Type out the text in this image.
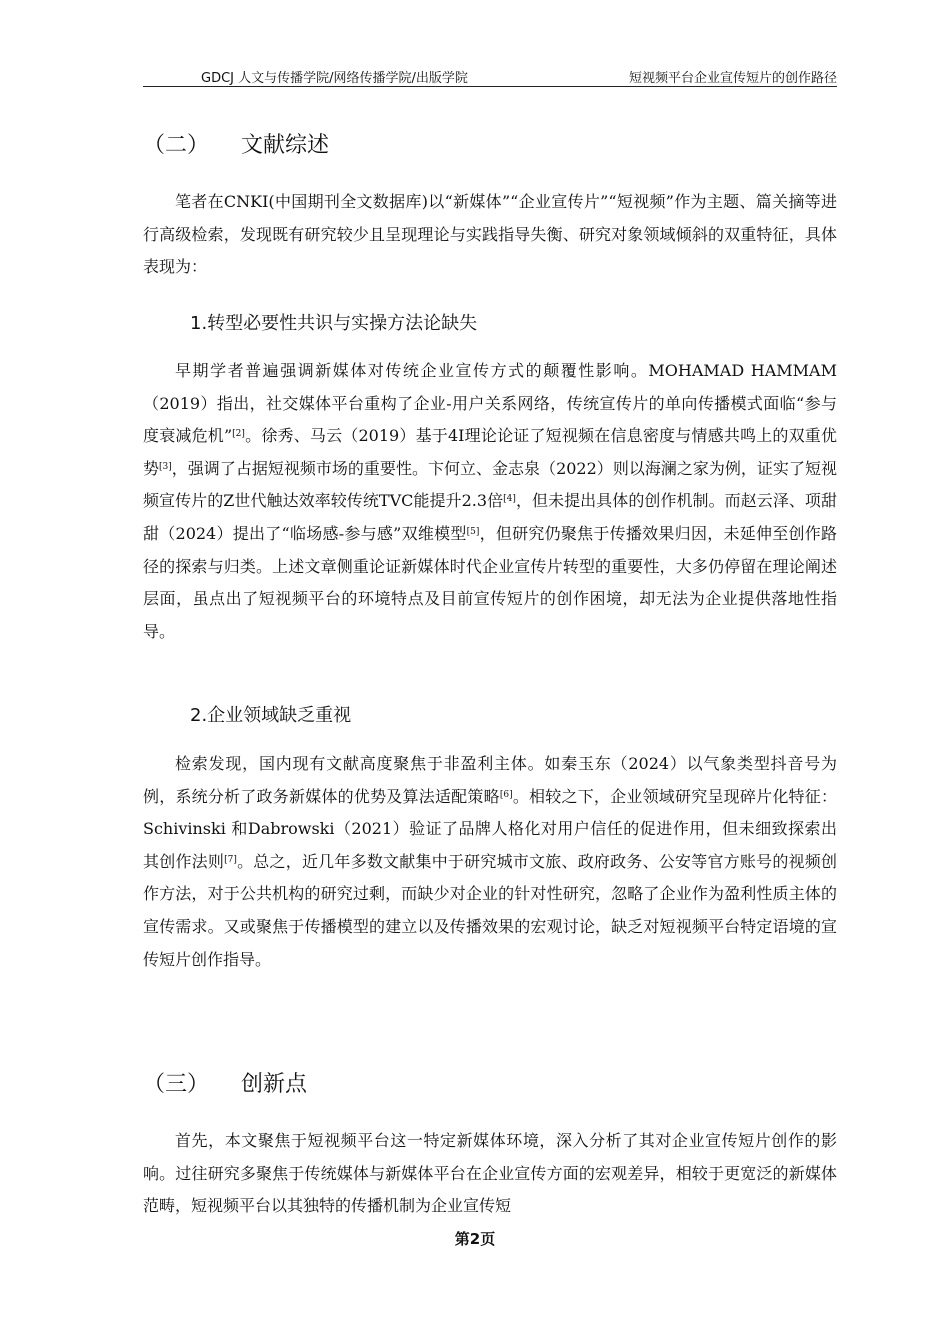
GDCJ 人文与传播学院/网络传播学院/出版学院	短视频平台企业宣传短片的创作路径
（二） 文献综述

笔者在CNKI(中国期刊全文数据库)以“新媒体”“企业宣传片”“短视频”作为主题、篇关摘等进行高级检索，发现既有研究较少且呈现理论与实践指导失衡、研究对象领域倾斜的双重特征，具体表现为：

1.转型必要性共识与实操方法论缺失

早期学者普遍强调新媒体对传统企业宣传方式的颠覆性影响。MOHAMAD HAMMAM（2019）指出，社交媒体平台重构了企业-用户关系网络，传统宣传片的单向传播模式面临“参与度衰减危机”[2]。徐秀、马云（2019）基于4I理论论证了短视频在信息密度与情感共鸣上的双重优势[3]，强调了占据短视频市场的重要性。卞何立、金志泉（2022）则以海澜之家为例，证实了短视频宣传片的Z世代触达效率较传统TVC能提升2.3倍[4]，但未提出具体的创作机制。而赵云泽、项甜甜（2024）提出了“临场感-参与感”双维模型[5]，但研究仍聚焦于传播效果归因，未延伸至创作路径的探索与归类。上述文章侧重论证新媒体时代企业宣传片转型的重要性，大多仍停留在理论阐述层面，虽点出了短视频平台的环境特点及目前宣传短片的创作困境，却无法为企业提供落地性指导。

2.企业领域缺乏重视

检索发现，国内现有文献高度聚焦于非盈利主体。如秦玉东（2024）以气象类型抖音号为例，系统分析了政务新媒体的优势及算法适配策略[6]。相较之下，企业领域研究呈现碎片化特征：Schivinski 和Dabrowski（2021）验证了品牌人格化对用户信任的促进作用，但未细致探索出其创作法则[7]。总之，近几年多数文献集中于研究城市文旅、政府政务、公安等官方账号的视频创作方法，对于公共机构的研究过剩，而缺少对企业的针对性研究，忽略了企业作为盈利性质主体的宣传需求。又或聚焦于传播模型的建立以及传播效果的宏观讨论，缺乏对短视频平台特定语境的宣传短片创作指导。

（三） 创新点

首先，本文聚焦于短视频平台这一特定新媒体环境，深入分析了其对企业宣传短片创作的影响。过往研究多聚焦于传统媒体与新媒体平台在企业宣传方面的宏观差异，相较于更宽泛的新媒体范畴，短视频平台以其独特的传播机制为企业宣传短

第2页
